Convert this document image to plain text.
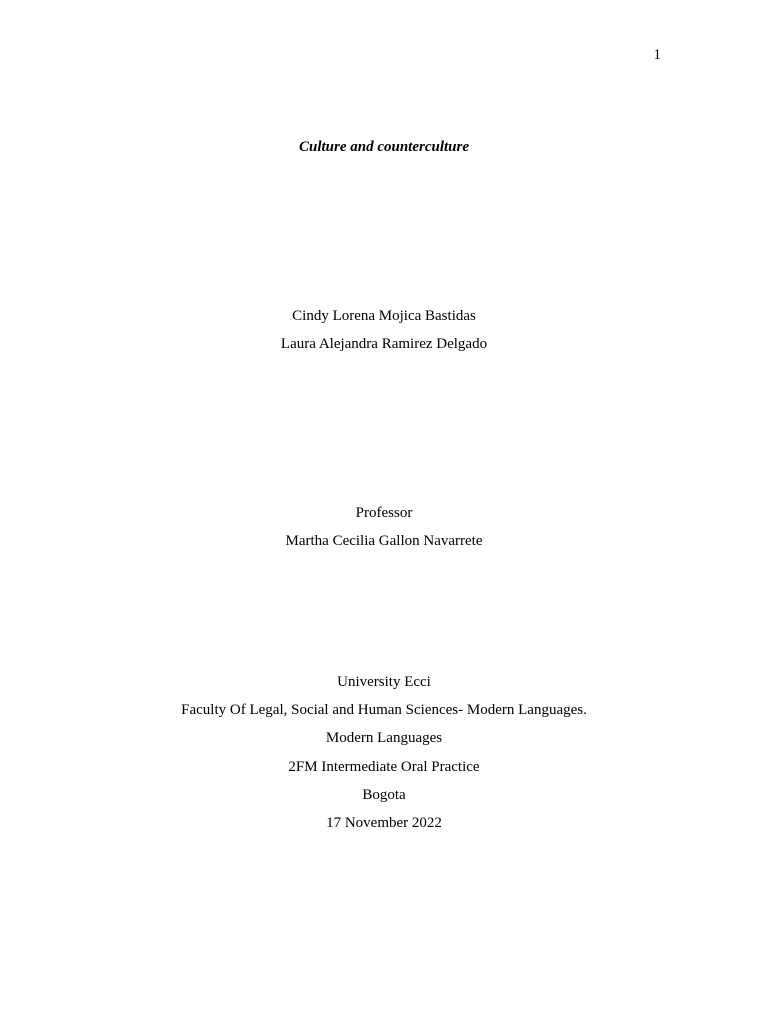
1
Culture and counterculture
Cindy Lorena Mojica Bastidas
Laura Alejandra Ramirez Delgado
Professor
Martha Cecilia Gallon Navarrete
University Ecci
Faculty Of Legal, Social and Human Sciences- Modern Languages.
Modern Languages
2FM Intermediate Oral Practice
Bogota
17 November 2022
